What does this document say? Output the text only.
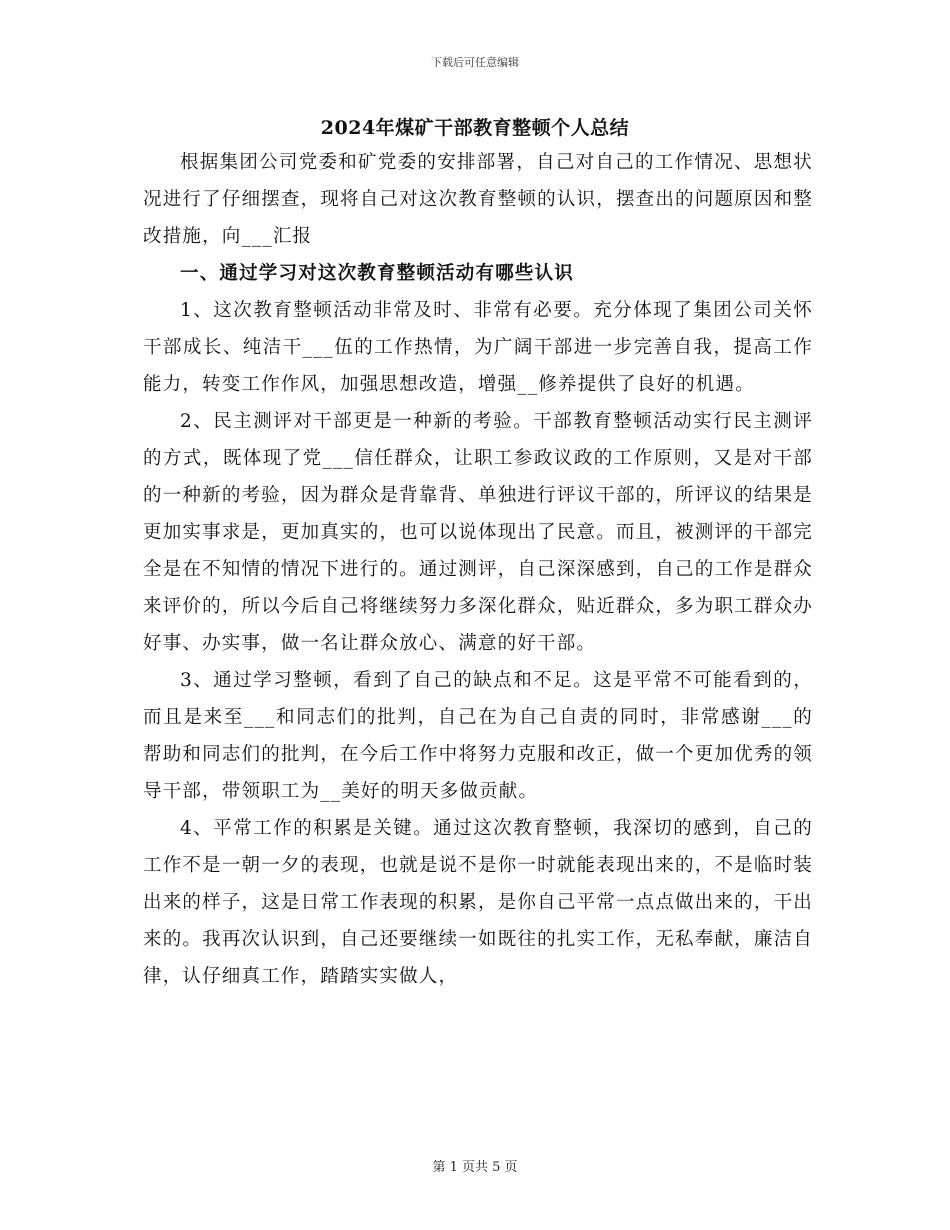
下载后可任意编辑
2024年煤矿干部教育整顿个人总结

根据集团公司党委和矿党委的安排部署，自己对自己的工作情况、思想状况进行了仔细摆查，现将自己对这次教育整顿的认识，摆查出的问题原因和整改措施，向___汇报

一、通过学习对这次教育整顿活动有哪些认识

1、这次教育整顿活动非常及时、非常有必要。充分体现了集团公司关怀干部成长、纯洁干___伍的工作热情，为广阔干部进一步完善自我，提高工作能力，转变工作作风，加强思想改造，增强__修养提供了良好的机遇。

2、民主测评对干部更是一种新的考验。干部教育整顿活动实行民主测评的方式，既体现了党___信任群众，让职工参政议政的工作原则，又是对干部的一种新的考验，因为群众是背靠背、单独进行评议干部的，所评议的结果是更加实事求是，更加真实的，也可以说体现出了民意。而且，被测评的干部完全是在不知情的情况下进行的。通过测评，自己深深感到，自己的工作是群众来评价的，所以今后自己将继续努力多深化群众，贴近群众，多为职工群众办好事、办实事，做一名让群众放心、满意的好干部。

3、通过学习整顿，看到了自己的缺点和不足。这是平常不可能看到的，而且是来至___和同志们的批判，自己在为自己自责的同时，非常感谢___的帮助和同志们的批判，在今后工作中将努力克服和改正，做一个更加优秀的领导干部，带领职工为__美好的明天多做贡献。

4、平常工作的积累是关键。通过这次教育整顿，我深切的感到，自己的工作不是一朝一夕的表现，也就是说不是你一时就能表现出来的，不是临时装出来的样子，这是日常工作表现的积累，是你自己平常一点点做出来的，干出来的。我再次认识到，自己还要继续一如既往的扎实工作，无私奉献，廉洁自律，认仔细真工作，踏踏实实做人，

第 1 页共 5 页
